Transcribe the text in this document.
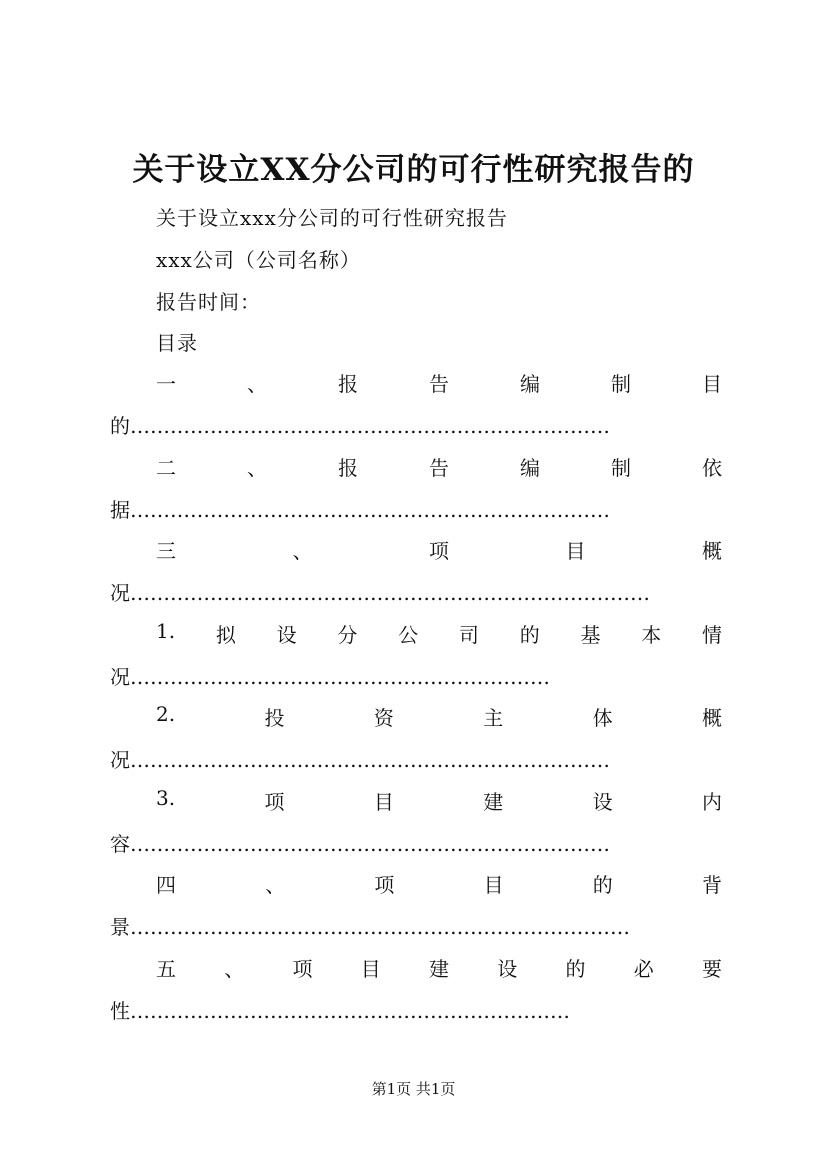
关于设立XX分公司的可行性研究报告的
关于设立xxx分公司的可行性研究报告
xxx公司（公司名称）
报告时间：
目录
一	、	报	告	编	制	目
的………………………………………………………………
二	、	报	告	编	制	依
据………………………………………………………………
三	、	项	目	概
况……………………………………………………………………
1. 拟 设 分 公 司 的 基 本 情
况………………………………………………………
2.	投	资	主	体	概
况………………………………………………………………
3.	项	目	建	设	内
容………………………………………………………………
四	、	项	目	的	背
景…………………………………………………………………
五 、 项 目 建 设 的 必 要
性…………………………………………………………
第1页 共1页
